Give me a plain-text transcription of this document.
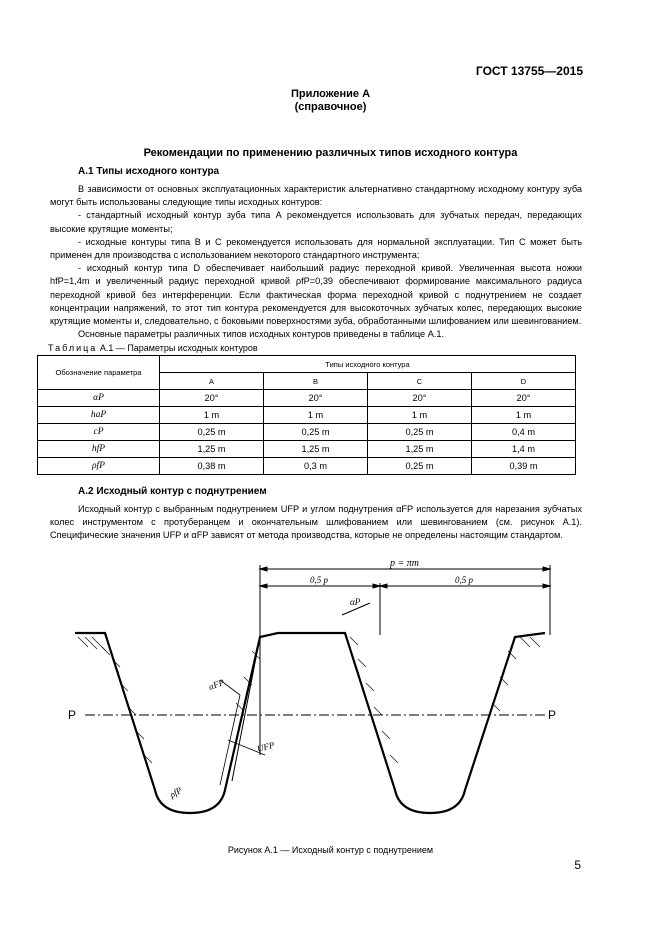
ГОСТ 13755—2015
Приложение А
(справочное)
Рекомендации по применению различных типов исходного контура
А.1 Типы исходного контура

В зависимости от основных эксплуатационных характеристик альтернативно стандартному исходному контуру зуба могут быть использованы следующие типы исходных контуров:

- стандартный исходный контур зуба типа А рекомендуется использовать для зубчатых передач, передающих высокие крутящие моменты;

- исходные контуры типа В и С рекомендуется использовать для нормальной эксплуатации. Тип С может быть применен для производства с использованием некоторого стандартного инструмента;

- исходный контур типа D обеспечивает наибольший радиус переходной кривой. Увеличенная высота ножки hfP=1,4m и увеличенный радиус переходной кривой ρfP=0,39 обеспечивают формирование максимального радиуса переходной кривой без интерференции. Если фактическая форма переходной кривой с поднутрением не создает концентрации напряжений, то этот тип контура рекомендуется для высокоточных зубчатых колес, передающих высокие крутящие моменты и, следовательно, с боковыми поверхностями зуба, обработанными шлифованием или шевингованием.

Основные параметры различных типов исходных контуров приведены в таблице А.1.

Таблица А.1 — Параметры исходных контуров
Обозначение параметра	Типы исходного контура			
	A	B	C	D
αP	20°	20°	20°	20°
haP	1 m	1 m	1 m	1 m
cP	0,25 m	0,25 m	0,25 m	0,4 m
hfP	1,25 m	1,25 m	1,25 m	1,4 m
ρfP	0,38 m	0,3 m	0,25 m	0,39 m
А.2 Исходный контур с поднутрением

Исходный контур с выбранным поднутрением UFP и углом поднутрения αFP используется для нарезания зубчатых колес инструментом с протуберанцем и окончательным шлифованием или шевингованием (см. рисунок А.1). Специфические значения UFP и αFP зависят от метода производства, которые не определены настоящим стандартом.

p = πm
0,5 p	0,5 p
αP
αFP
UFP
ρfP
P	P
Рисунок А.1 — Исходный контур с поднутрением
5
